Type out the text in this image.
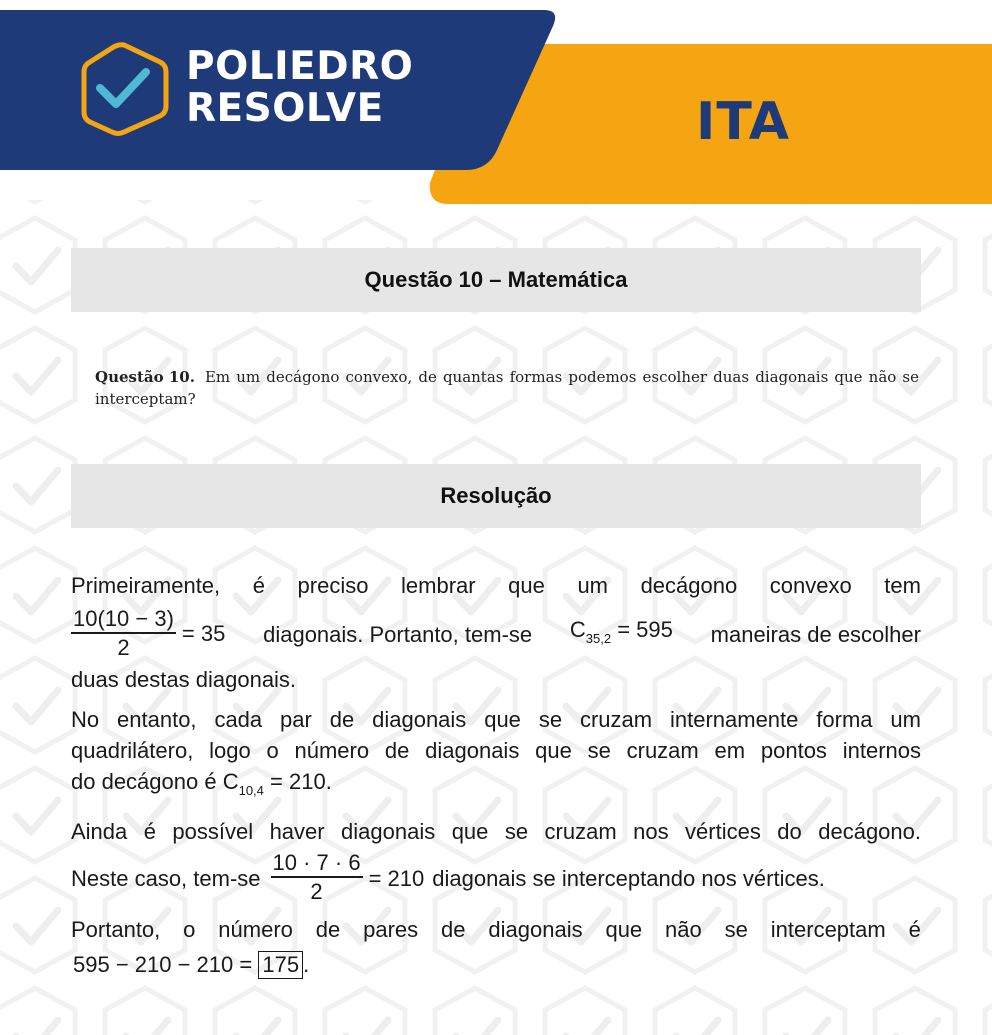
POLIEDRO
RESOLVE	ITA
Questão 10 – Matemática
Questão 10. Em um decágono convexo, de quantas formas podemos escolher duas diagonais que não se
interceptam?
Resolução
Primeiramente, é preciso lembrar que um decágono convexo tem
$\frac{10(10 - 3)}{2} = 35$ diagonais. Portanto, tem-se $C_{35,2} = 595$ maneiras de escolher
duas destas diagonais.
No entanto, cada par de diagonais que se cruzam internamente forma um
quadrilátero, logo o número de diagonais que se cruzam em pontos internos
do decágono é $C_{10,4} = 210$.
Ainda é possível haver diagonais que se cruzam nos vértices do decágono.
Neste caso, $tem-se \frac{10 \cdot 7 \cdot 6}{2} = 210$ diagonais se interceptando nos vértices.
Portanto, o número de pares de diagonais que não se interceptam é
595 − 210 − 210 = 175 .
